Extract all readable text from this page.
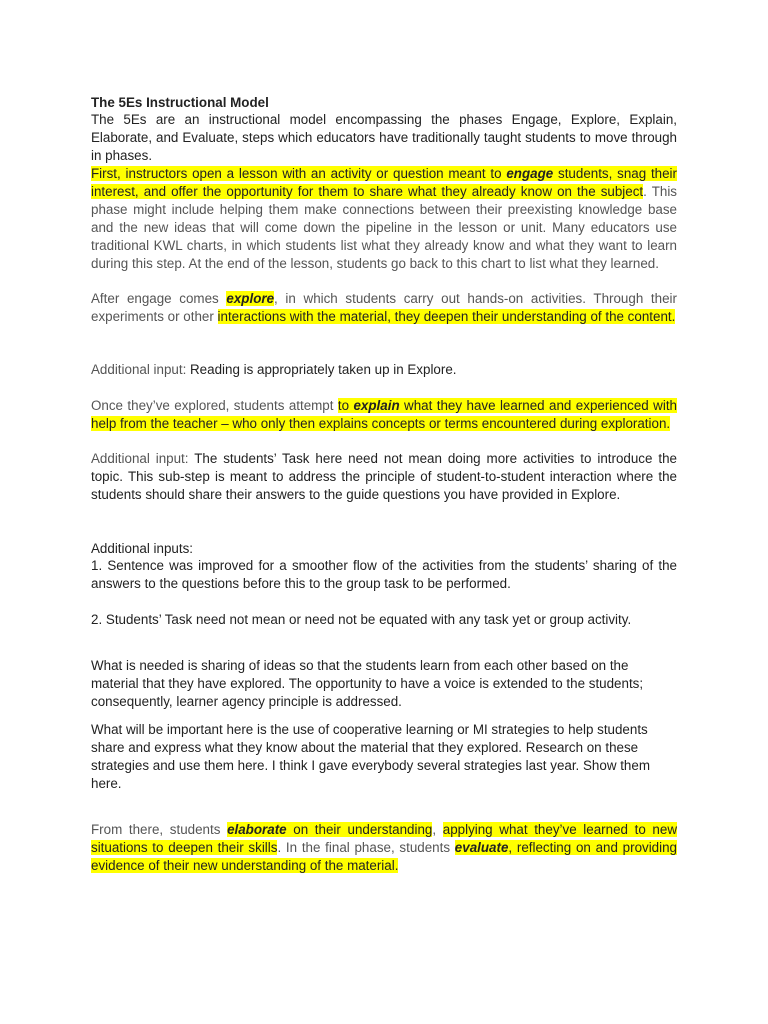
The 5Es Instructional Model
The 5Es are an instructional model encompassing the phases Engage, Explore, Explain, Elaborate, and Evaluate, steps which educators have traditionally taught students to move through in phases.
First, instructors open a lesson with an activity or question meant to engage students, snag their interest, and offer the opportunity for them to share what they already know on the subject. This phase might include helping them make connections between their preexisting knowledge base and the new ideas that will come down the pipeline in the lesson or unit. Many educators use traditional KWL charts, in which students list what they already know and what they want to learn during this step. At the end of the lesson, students go back to this chart to list what they learned.
After engage comes explore, in which students carry out hands-on activities. Through their experiments or other interactions with the material, they deepen their understanding of the content.
Additional input: Reading is appropriately taken up in Explore.
Once they’ve explored, students attempt to explain what they have learned and experienced with help from the teacher – who only then explains concepts or terms encountered during exploration.
Additional input: The students’ Task here need not mean doing more activities to introduce the topic. This sub-step is meant to address the principle of student-to-student interaction where the students should share their answers to the guide questions you have provided in Explore.
Additional inputs:
1. Sentence was improved for a smoother flow of the activities from the students’ sharing of the answers to the questions before this to the group task to be performed.
2. Students’ Task need not mean or need not be equated with any task yet or group activity.
What is needed is sharing of ideas so that the students learn from each other based on the material that they have explored. The opportunity to have a voice is extended to the students; consequently, learner agency principle is addressed.
What will be important here is the use of cooperative learning or MI strategies to help students share and express what they know about the material that they explored. Research on these strategies and use them here. I think I gave everybody several strategies last year. Show them here.
From there, students elaborate on their understanding, applying what they’ve learned to new situations to deepen their skills. In the final phase, students evaluate, reflecting on and providing evidence of their new understanding of the material.
